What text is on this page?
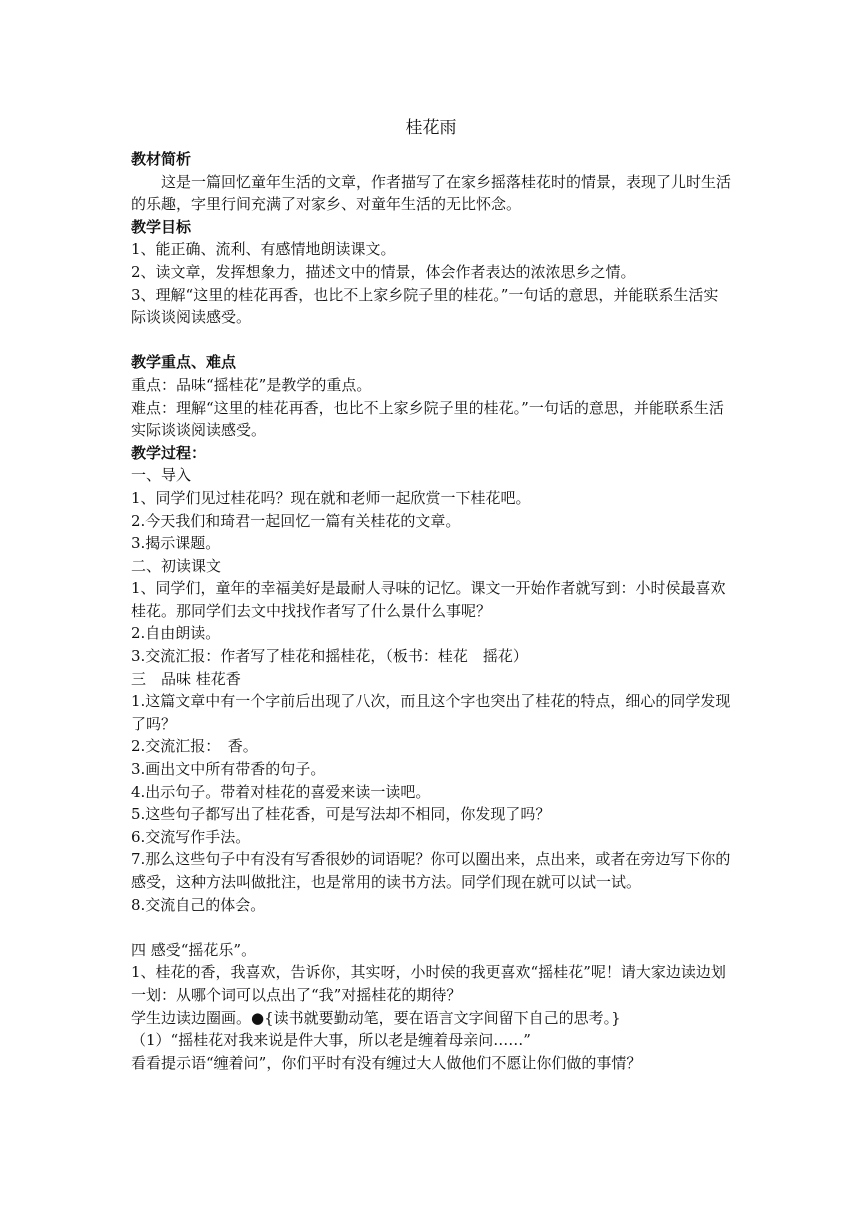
桂花雨

教材简析

这是一篇回忆童年生活的文章，作者描写了在家乡摇落桂花时的情景，表现了儿时生活的乐趣，字里行间充满了对家乡、对童年生活的无比怀念。

教学目标

1、能正确、流利、有感情地朗读课文。

2、读文章，发挥想象力，描述文中的情景，体会作者表达的浓浓思乡之情。

3、理解“这里的桂花再香，也比不上家乡院子里的桂花。”一句话的意思，并能联系生活实际谈谈阅读感受。

教学重点、难点

重点：品味“摇桂花”是教学的重点。

难点：理解“这里的桂花再香，也比不上家乡院子里的桂花。”一句话的意思，并能联系生活实际谈谈阅读感受。

教学过程：

一、导入

1、同学们见过桂花吗？现在就和老师一起欣赏一下桂花吧。

2.今天我们和琦君一起回忆一篇有关桂花的文章。

3.揭示课题。

二、初读课文

1、同学们，童年的幸福美好是最耐人寻味的记忆。课文一开始作者就写到：小时侯最喜欢桂花。那同学们去文中找找作者写了什么景什么事呢？

2.自由朗读。

3.交流汇报：作者写了桂花和摇桂花，（板书：桂花　摇花）

三　品味 桂花香

1.这篇文章中有一个字前后出现了八次，而且这个字也突出了桂花的特点，细心的同学发现了吗？

2.交流汇报：　香。

3.画出文中所有带香的句子。

4.出示句子。带着对桂花的喜爱来读一读吧。

5.这些句子都写出了桂花香，可是写法却不相同，你发现了吗？

6.交流写作手法。

7.那么这些句子中有没有写香很妙的词语呢？你可以圈出来，点出来，或者在旁边写下你的感受，这种方法叫做批注，也是常用的读书方法。同学们现在就可以试一试。

8.交流自己的体会。

四 感受“摇花乐”。

1、桂花的香，我喜欢，告诉你，其实呀，小时侯的我更喜欢“摇桂花”呢！请大家边读边划一划：从哪个词可以点出了“我”对摇桂花的期待？

学生边读边圈画。●{读书就要勤动笔，要在语言文字间留下自己的思考。}

（1）“摇桂花对我来说是件大事，所以老是缠着母亲问……”

看看提示语“缠着问”，你们平时有没有缠过大人做他们不愿让你们做的事情？
